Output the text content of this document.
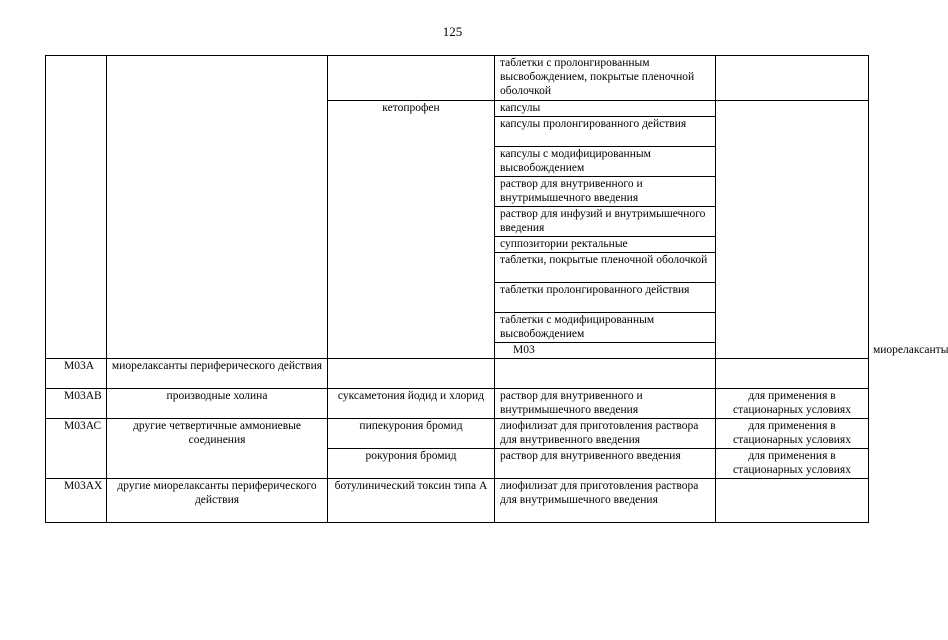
125
			таблетки с пролонгированным высвобождением, покрытые пленочной оболочкой		
		кетопрофен	капсулы		
			капсулы пролонгированного действия		
			капсулы с модифицированным высвобождением		
			раствор для внутривенного и внутримышечного введения		
			раствор для инфузий и внутримышечного введения		
			суппозитории ректальные		
			таблетки, покрытые пленочной оболочкой		
			таблетки пролонгированного действия		
			таблетки с модифицированным высвобождением		
			М03		миорелаксанты			
М03А	миорелаксанты периферического действия				
М03АВ	производные холина	суксаметония йодид и хлорид	раствор для внутривенного и внутримышечного введения	для применения в стационарных условиях	
М03АС	другие четвертичные аммониевые соединения	пипекурония бромид	лиофилизат для приготовления раствора для внутривенного введения	для применения в стационарных условиях	
		рокурония бромид	раствор для внутривенного введения	для применения в стационарных условиях	
М03АХ	другие миорелаксанты периферического действия	ботулинический токсин типа А	лиофилизат для приготовления раствора для внутримышечного введения		
